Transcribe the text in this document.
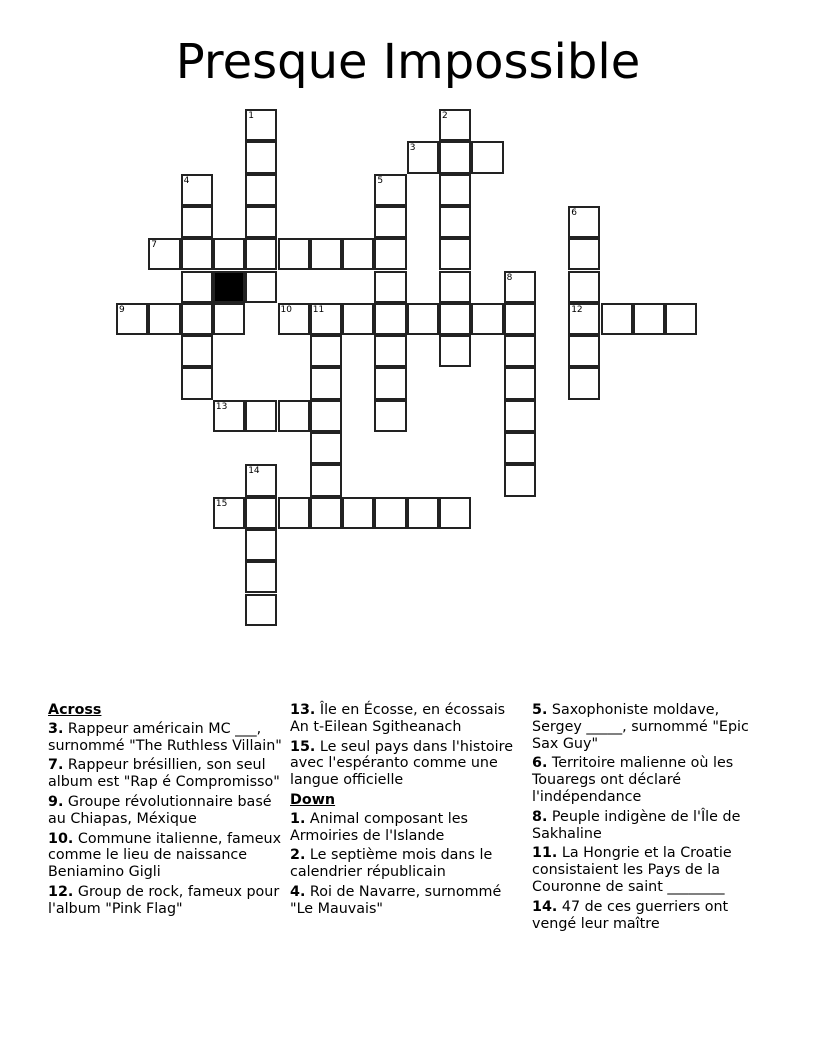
Presque Impossible
1	2
3
4	5
6
12
7
8
9	10 11
13
14
15
Across
3. Rappeur américain MC ___, surnommé "The Ruthless Villain"
7. Rappeur brésillien, son seul album est "Rap é Compromisso"
9. Groupe révolutionnaire basé au Chiapas, Méxique
10. Commune italienne, fameux comme le lieu de naissance Beniamino Gigli
12. Group de rock, fameux pour l'album "Pink Flag"
13. Île en Écosse, en écossais An t-Eilean Sgitheanach
15. Le seul pays dans l'histoire avec l'espéranto comme une langue officielle
Down
1. Animal composant les Armoiries de l'Islande
2. Le septième mois dans le calendrier républicain
4. Roi de Navarre, surnommé "Le Mauvais"
5. Saxophoniste moldave, Sergey _____, surnommé "Epic Sax Guy"
6. Territoire malienne où les Touaregs ont déclaré l'indépendance
8. Peuple indigène de l'Île de Sakhaline
11. La Hongrie et la Croatie consistaient les Pays de la Couronne de saint ________
14. 47 de ces guerriers ont vengé leur maître
